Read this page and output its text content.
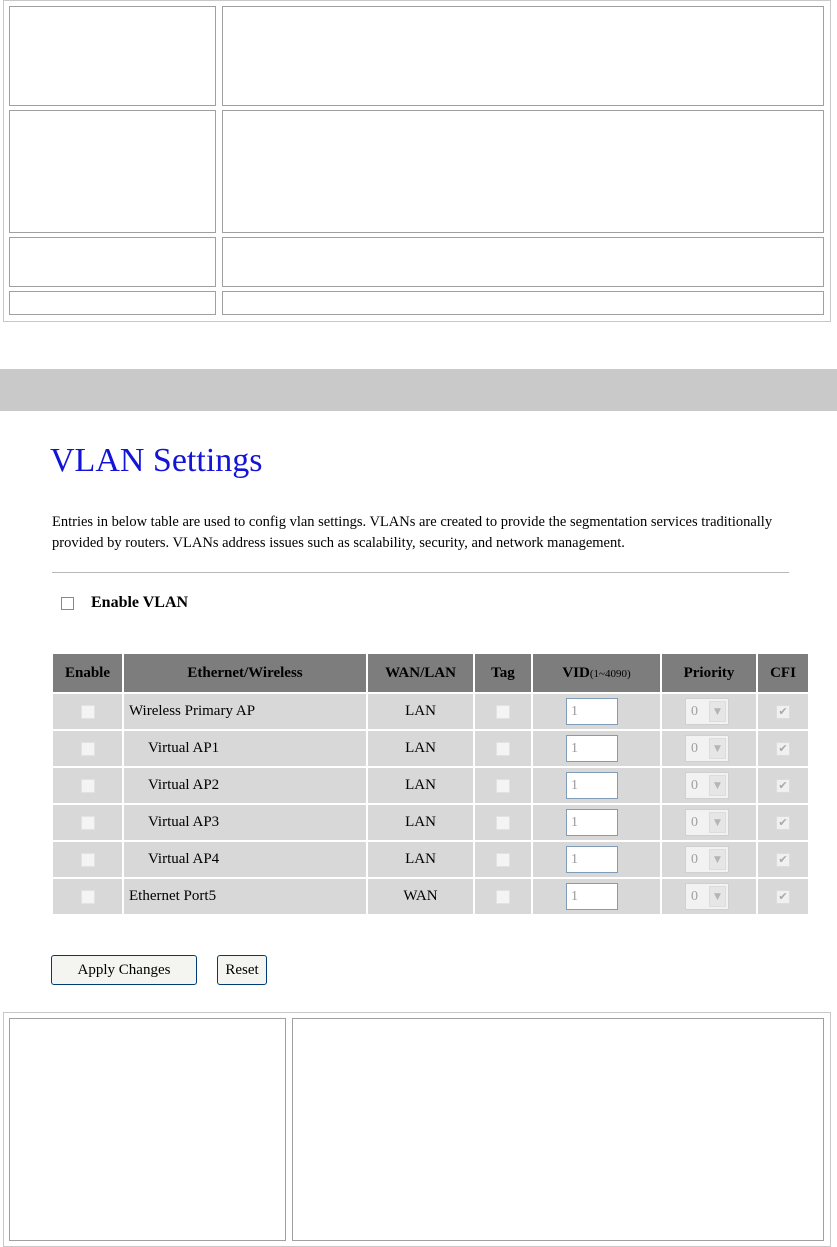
VLAN Settings

Entries in below table are used to config vlan settings. VLANs are created to provide the segmentation services traditionally provided by routers. VLANs address issues such as scalability, security, and network management.

Enable VLAN
Enable	Ethernet/Wireless	WAN/LAN	Tag	VID(1~4090)	Priority	CFI
	Wireless Primary AP	LAN		1	0 ▼	✔

	Virtual AP1	LAN		1	0 ▼	✔

	Virtual AP2	LAN		1	0 ▼	✔

	Virtual AP3	LAN		1	0 ▼	✔

	Virtual AP4	LAN		1	0 ▼	✔

	Ethernet Port5	WAN		1	0 ▼	✔
Apply Changes	Reset
